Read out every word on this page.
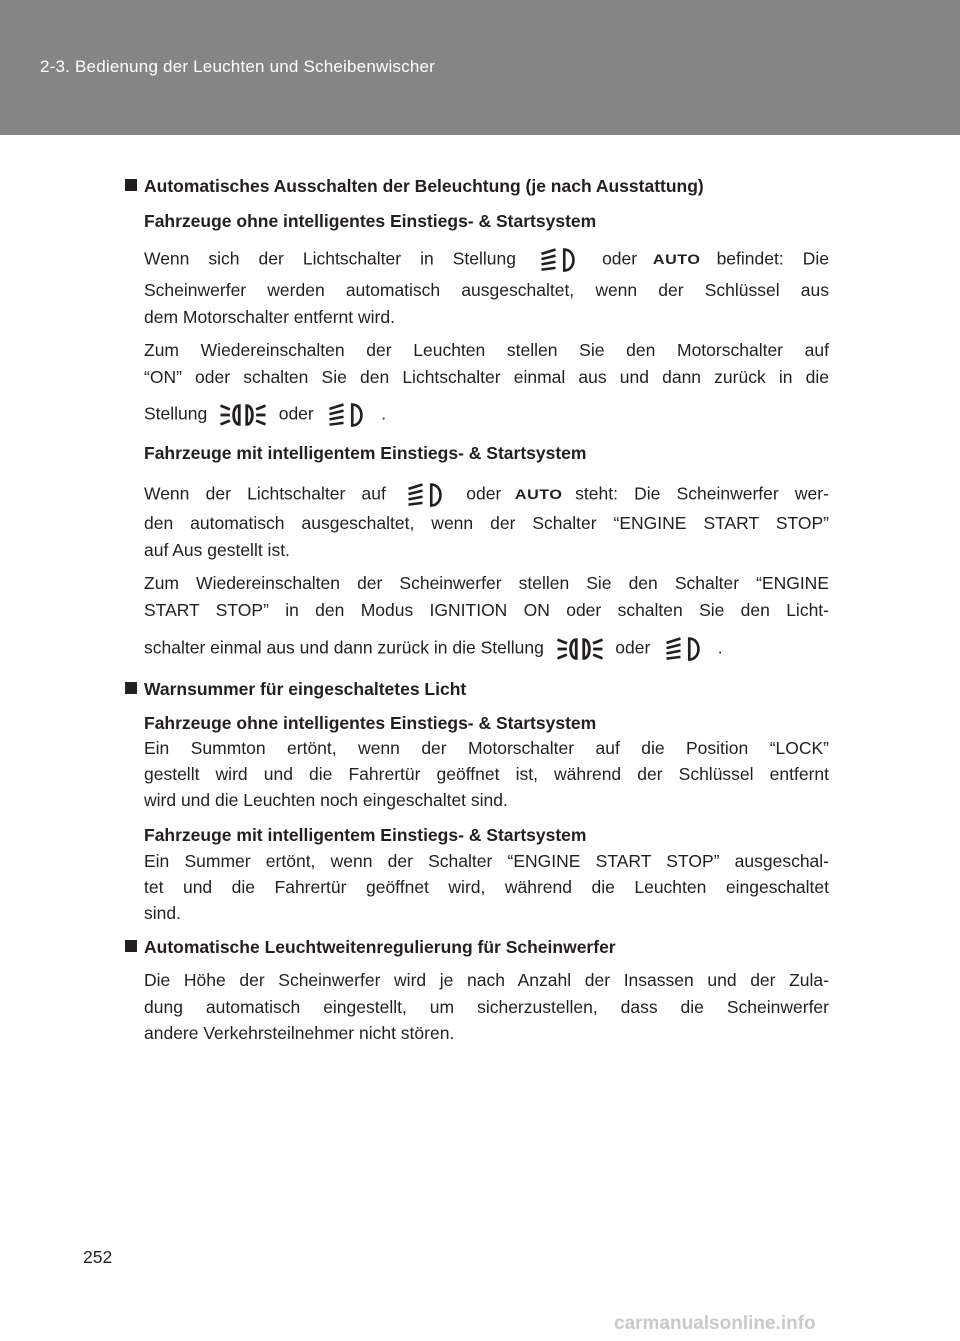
2-3. Bedienung der Leuchten und Scheibenwischer
Automatisches Ausschalten der Beleuchtung (je nach Ausstattung)
Fahrzeuge ohne intelligentes Einstiegs- & Startsystem
Wenn sich der Lichtschalter in Stellung	oder AUTO befindet: Die
Scheinwerfer werden automatisch ausgeschaltet, wenn der Schlüssel aus
dem Motorschalter entfernt wird.
Zum Wiedereinschalten der Leuchten stellen Sie den Motorschalter auf
“ON” oder schalten Sie den Lichtschalter einmal aus und dann zurück in die
Stellung	oder	.
Fahrzeuge mit intelligentem Einstiegs- & Startsystem
Wenn der Lichtschalter auf	oder AUTO steht: Die Scheinwerfer wer-
den automatisch ausgeschaltet, wenn der Schalter “ENGINE START STOP”
auf Aus gestellt ist.
Zum Wiedereinschalten der Scheinwerfer stellen Sie den Schalter “ENGINE
START STOP” in den Modus IGNITION ON oder schalten Sie den Licht-
schalter einmal aus und dann zurück in die Stellung	oder	.
Warnsummer für eingeschaltetes Licht
Fahrzeuge ohne intelligentes Einstiegs- & Startsystem
Ein Summton ertönt, wenn der Motorschalter auf die Position “LOCK”
gestellt wird und die Fahrertür geöffnet ist, während der Schlüssel entfernt
wird und die Leuchten noch eingeschaltet sind.
Fahrzeuge mit intelligentem Einstiegs- & Startsystem
Ein Summer ertönt, wenn der Schalter “ENGINE START STOP” ausgeschal-
tet und die Fahrertür geöffnet wird, während die Leuchten eingeschaltet
sind.
Automatische Leuchtweitenregulierung für Scheinwerfer
Die Höhe der Scheinwerfer wird je nach Anzahl der Insassen und der Zula-
dung automatisch eingestellt, um sicherzustellen, dass die Scheinwerfer
andere Verkehrsteilnehmer nicht stören.
252
carmanualsonline.info
